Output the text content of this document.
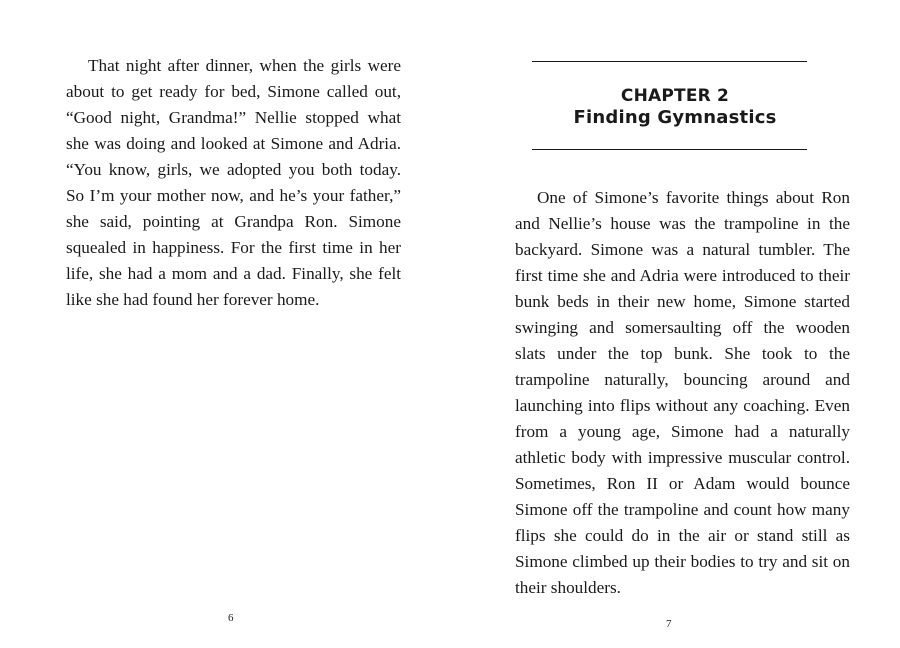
That night after dinner, when the girls were about to get ready for bed, Simone called out, “Good night, Grandma!” Nellie stopped what she was doing and looked at Simone and Adria. “You know, girls, we adopted you both today. So I’m your mother now, and he’s your father,” she said, pointing at Grandpa Ron. Simone squealed in happiness. For the first time in her life, she had a mom and a dad. Finally, she felt like she had found her forever home.

6
CHAPTER 2
Finding Gymnastics

One of Simone’s favorite things about Ron and Nellie’s house was the trampoline in the backyard. Simone was a natural tumbler. The first time she and Adria were introduced to their bunk beds in their new home, Simone started swinging and somersaulting off the wooden slats under the top bunk. She took to the trampoline naturally, bouncing around and launching into flips without any coaching. Even from a young age, Simone had a naturally athletic body with impressive muscular control. Sometimes, Ron II or Adam would bounce Simone off the trampoline and count how many flips she could do in the air or stand still as Simone climbed up their bodies to try and sit on their shoulders.

7
